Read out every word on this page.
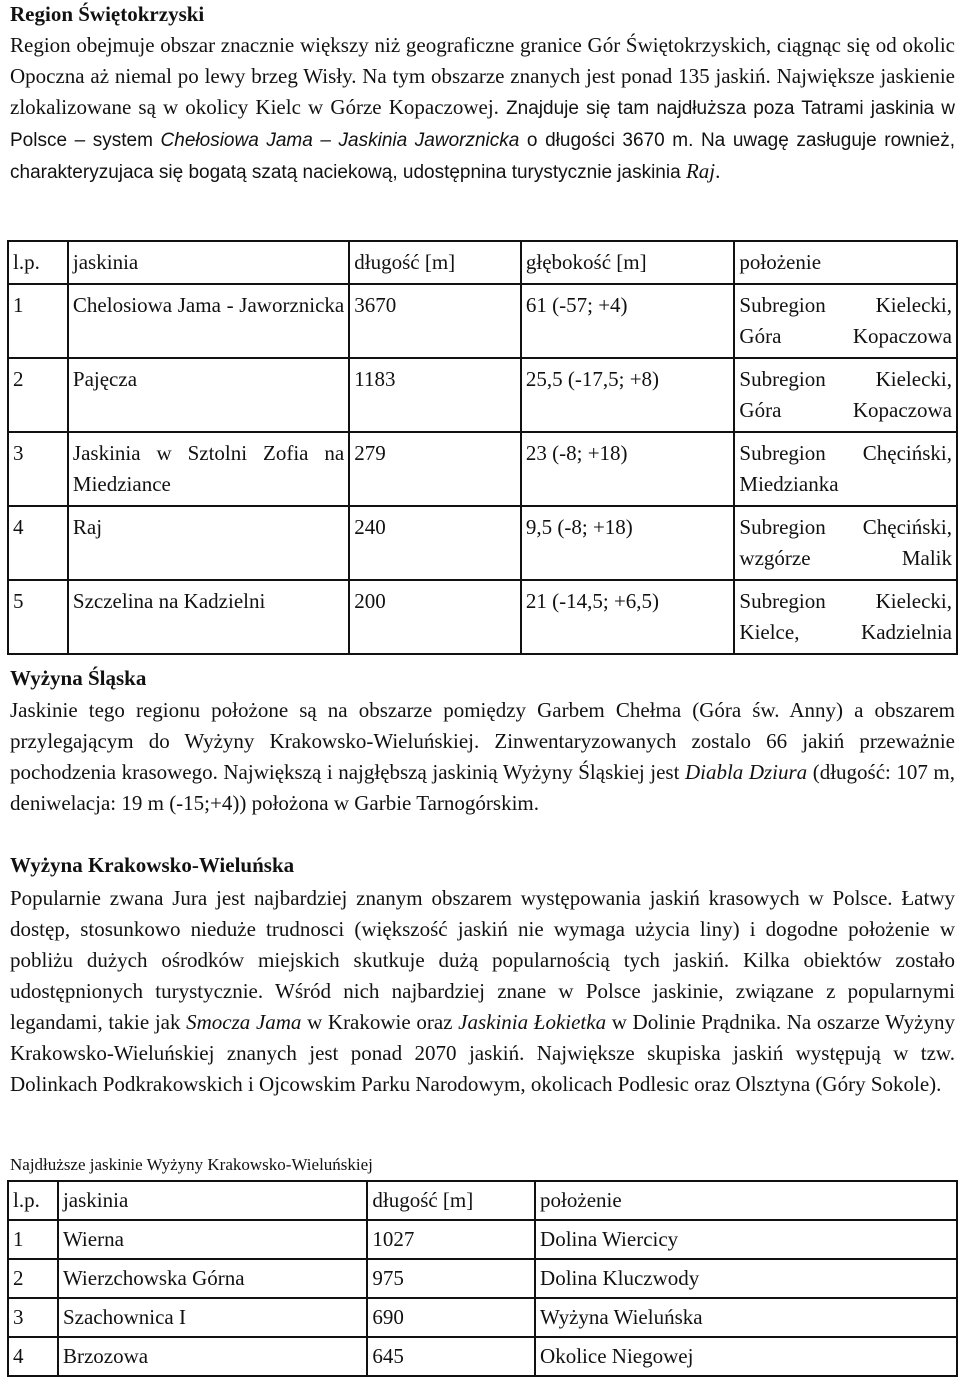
Region Świętokrzyski

Region obejmuje obszar znacznie większy niż geograficzne granice Gór Świętokrzyskich, ciągnąc się od okolic Opoczna aż niemal po lewy brzeg Wisły. Na tym obszarze znanych jest ponad 135 jaskiń. Największe jaskienie zlokalizowane są w okolicy Kielc w Górze Kopaczowej. Znajduje się tam najdłuższa poza Tatrami jaskinia w Polsce – system Chełosiowa Jama – Jaskinia Jaworznicka o długości 3670 m. Na uwagę zasługuje rownież, charakteryzujaca się bogatą szatą naciekową, udostępnina turystycznie jaskinia Raj.

l.p.	jaskinia	długość [m]	głębokość [m]	położenie
1	Chelosiowa Jama - Jaworznicka	3670	61 (-57; +4)	Subregion Kielecki, Góra Kopaczowa
2	Pajęcza	1183	25,5 (-17,5; +8)	Subregion Kielecki, Góra Kopaczowa
3	Jaskinia w Sztolni Zofia na Miedziance	279	23 (-8; +18)	Subregion Chęciński, Miedzianka
4	Raj	240	9,5 (-8; +18)	Subregion Chęciński, wzgórze Malik
5	Szczelina na Kadzielni	200	21 (-14,5; +6,5)	Subregion Kielecki, Kielce, Kadzielnia
Wyżyna Śląska

Jaskinie tego regionu położone są na obszarze pomiędzy Garbem Chełma (Góra św. Anny) a obszarem przylegającym do Wyżyny Krakowsko-Wieluńskiej. Zinwentaryzowanych zostalo 66 jakiń przeważnie pochodzenia krasowego. Największą i najgłębszą jaskinią Wyżyny Śląskiej jest Diabla Dziura (długość: 107 m, deniwelacja: 19 m (-15;+4)) położona w Garbie Tarnogórskim.

Wyżyna Krakowsko-Wieluńska

Popularnie zwana Jura jest najbardziej znanym obszarem występowania jaskiń krasowych w Polsce. Łatwy dostęp, stosunkowo nieduże trudnosci (większość jaskiń nie wymaga użycia liny) i dogodne położenie w pobliżu dużych ośrodków miejskich skutkuje dużą popularnością tych jaskiń. Kilka obiektów zostało udostępnionych turystycznie. Wśród nich najbardziej znane w Polsce jaskinie, związane z popularnymi legandami, takie jak Smocza Jama w Krakowie oraz Jaskinia Łokietka w Dolinie Prądnika. Na oszarze Wyżyny Krakowsko-Wieluńskiej znanych jest ponad 2070 jaskiń. Największe skupiska jaskiń występują w tzw. Dolinkach Podkrakowskich i Ojcowskim Parku Narodowym, okolicach Podlesic oraz Olsztyna (Góry Sokole).

Najdłuższe jaskinie Wyżyny Krakowsko-Wieluńskiej
l.p.	jaskinia	długość [m]	położenie
1	Wierna	1027	Dolina Wiercicy
2	Wierzchowska Górna	975	Dolina Kluczwody
3	Szachownica I	690	Wyżyna Wieluńska
4	Brzozowa	645	Okolice Niegowej
